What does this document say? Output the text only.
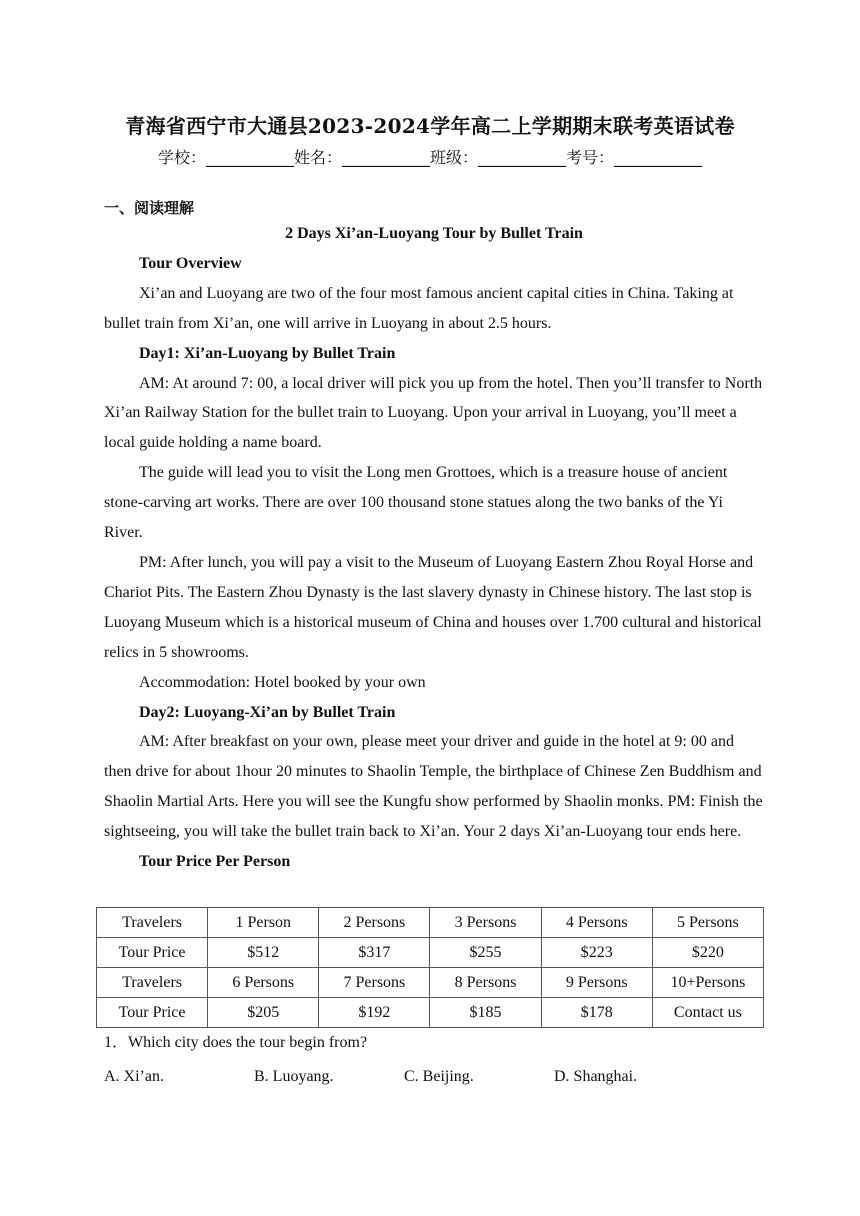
青海省西宁市大通县2023-2024学年高二上学期期末联考英语试卷
学校：___________姓名：___________班级：___________考号：___________
一、阅读理解

2 Days Xi’an-Luoyang Tour by Bullet Train

Tour Overview

Xi’an and Luoyang are two of the four most famous ancient capital cities in China. Taking at bullet train from Xi’an, one will arrive in Luoyang in about 2.5 hours.

Day1: Xi’an-Luoyang by Bullet Train

AM: At around 7: 00, a local driver will pick you up from the hotel. Then you’ll transfer to North Xi’an Railway Station for the bullet train to Luoyang. Upon your arrival in Luoyang, you’ll meet a local guide holding a name board.

The guide will lead you to visit the Long men Grottoes, which is a treasure house of ancient stone-carving art works. There are over 100 thousand stone statues along the two banks of the Yi River.

PM: After lunch, you will pay a visit to the Museum of Luoyang Eastern Zhou Royal Horse and Chariot Pits. The Eastern Zhou Dynasty is the last slavery dynasty in Chinese history. The last stop is Luoyang Museum which is a historical museum of China and houses over 1.700 cultural and historical relics in 5 showrooms.

Accommodation: Hotel booked by your own

Day2: Luoyang-Xi’an by Bullet Train

AM: After breakfast on your own, please meet your driver and guide in the hotel at 9: 00 and then drive for about 1hour 20 minutes to Shaolin Temple, the birthplace of Chinese Zen Buddhism and Shaolin Martial Arts. Here you will see the Kungfu show performed by Shaolin monks. PM: Finish the sightseeing, you will take the bullet train back to Xi’an. Your 2 days Xi’an-Luoyang tour ends here.

Tour Price Per Person

Travelers	1 Person	2 Persons	3 Persons	4 Persons	5 Persons
Tour Price	$512	$317	$255	$223	$220
Travelers	6 Persons	7 Persons	8 Persons	9 Persons	10+Persons
Tour Price	$205	$192	$185	$178	Contact us
1．Which city does the tour begin from?
A. Xi’an.	B. Luoyang.	C. Beijing.	D. Shanghai.
